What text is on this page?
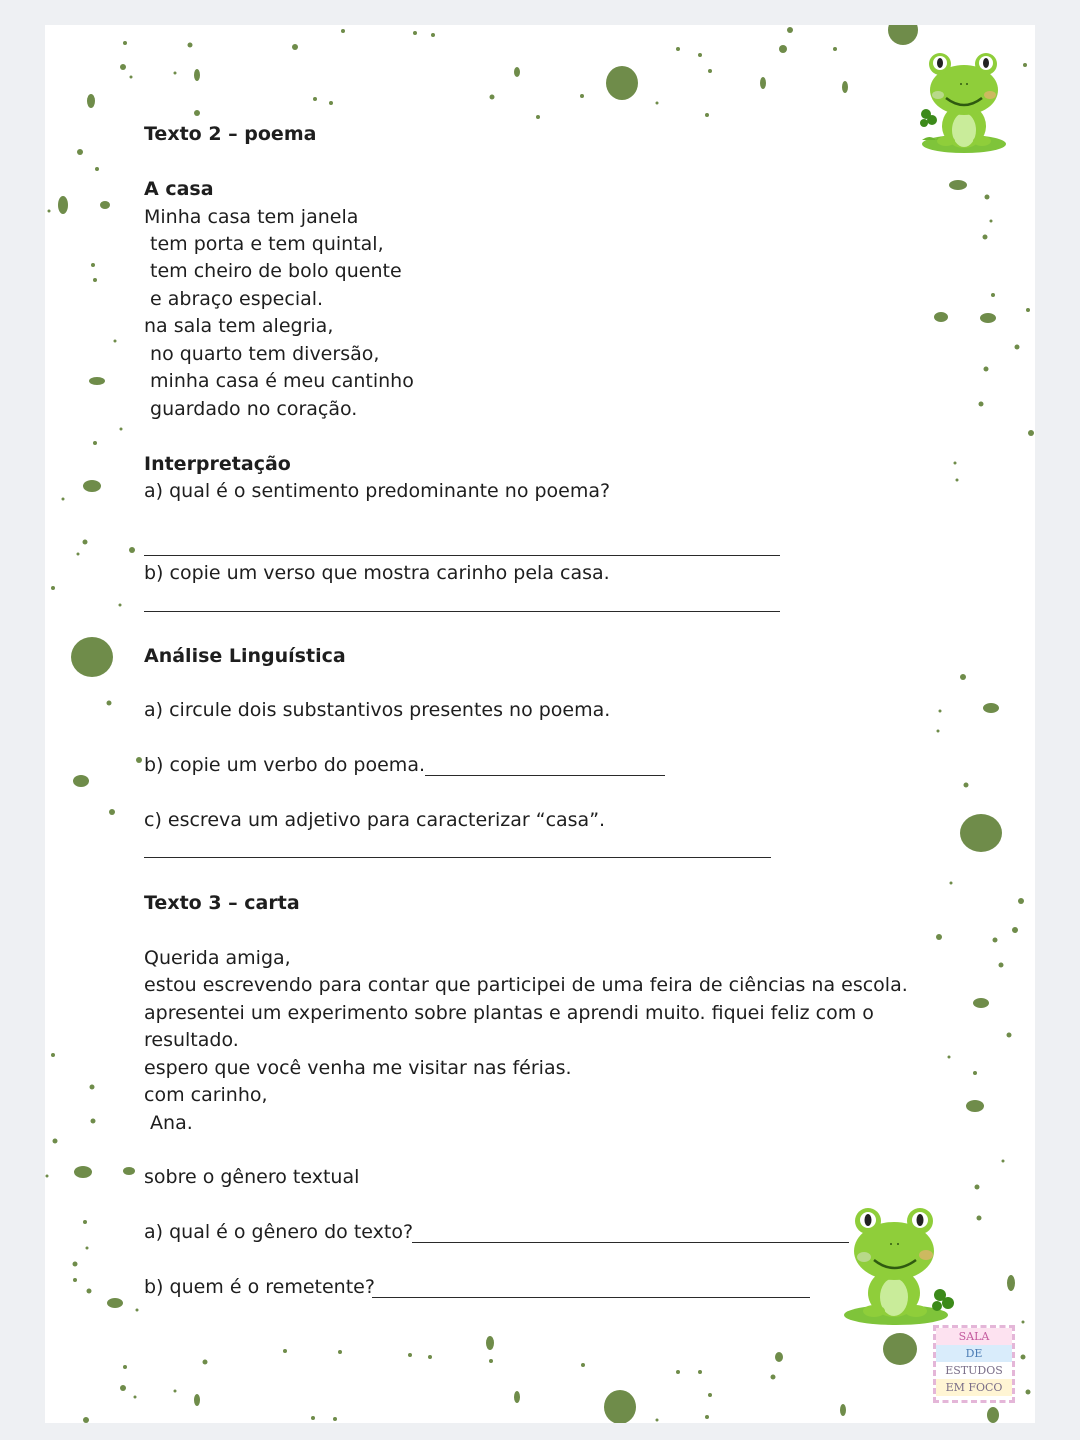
Texto 2 – poema
A casa
Minha casa tem janela
tem porta e tem quintal,
tem cheiro de bolo quente
e abraço especial.
na sala tem alegria,
no quarto tem diversão,
minha casa é meu cantinho
guardado no coração.
Interpretação
a) qual é o sentimento predominante no poema?
b) copie um verso que mostra carinho pela casa.
Análise Linguística
a) circule dois substantivos presentes no poema.
b) copie um verbo do poema.
c) escreva um adjetivo para caracterizar “casa”.
Texto 3 – carta
Querida amiga,
estou escrevendo para contar que participei de uma feira de ciências na escola.
apresentei um experimento sobre plantas e aprendi muito. fiquei feliz com o
resultado.
espero que você venha me visitar nas férias.
com carinho,
Ana.
sobre o gênero textual
a) qual é o gênero do texto?
b) quem é o remetente?
SALA
DE
ESTUDOS
EM FOCO
